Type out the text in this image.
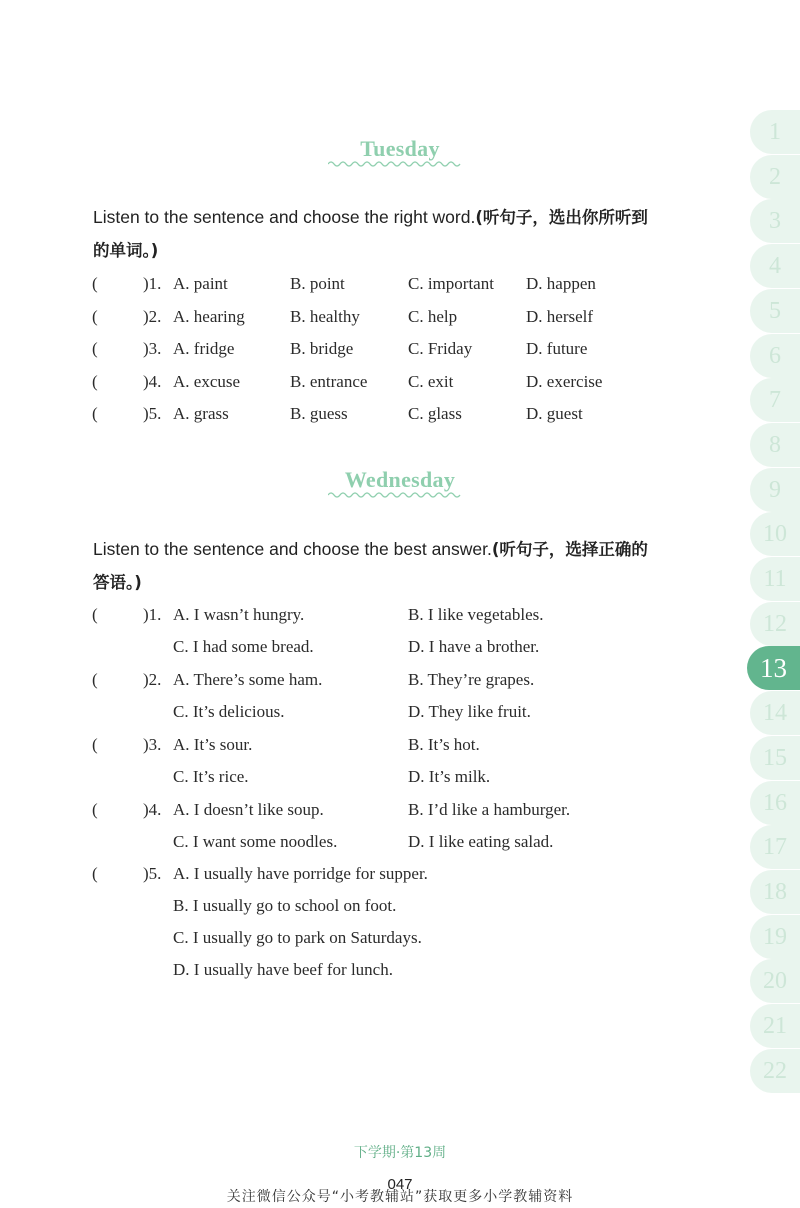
Tuesday
Listen to the sentence and choose the right word.(听句子，选出你所听到
的单词。)
(	)1. A. paint	B. point	C. important D. happen
(	)2. A. hearing	B. healthy	C. help	D. herself
(	)3. A. fridge	B. bridge	C. Friday	D. future
(	)4. A. excuse	B. entrance C. exit	D. exercise
(	)5. A. grass	B. guess	C. glass	D. guest
Wednesday
Listen to the sentence and choose the best answer.(听句子，选择正确的
答语。)
(	)1. A. I wasn’t hungry.	B. I like vegetables.
C. I had some bread.	D. I have a brother.
(	)2. A. There’s some ham.	B. They’re grapes.
C. It’s delicious.	D. They like fruit.
(	)3. A. It’s sour.	B. It’s hot.
C. It’s rice.	D. It’s milk.
(	)4. A. I doesn’t like soup.	B. I’d like a hamburger.
C. I want some noodles.	D. I like eating salad.
(	)5. A. I usually have porridge for supper.
B. I usually go to school on foot.
C. I usually go to park on Saturdays.
D. I usually have beef for lunch.
1
2
3
4
5
6
7
8
9
10
11
12
13
14
15
16
17
18
19
20
21
22
下学期·第13周
关注微信公众号“小考教辅站”获取更多小学教辅资料
047
